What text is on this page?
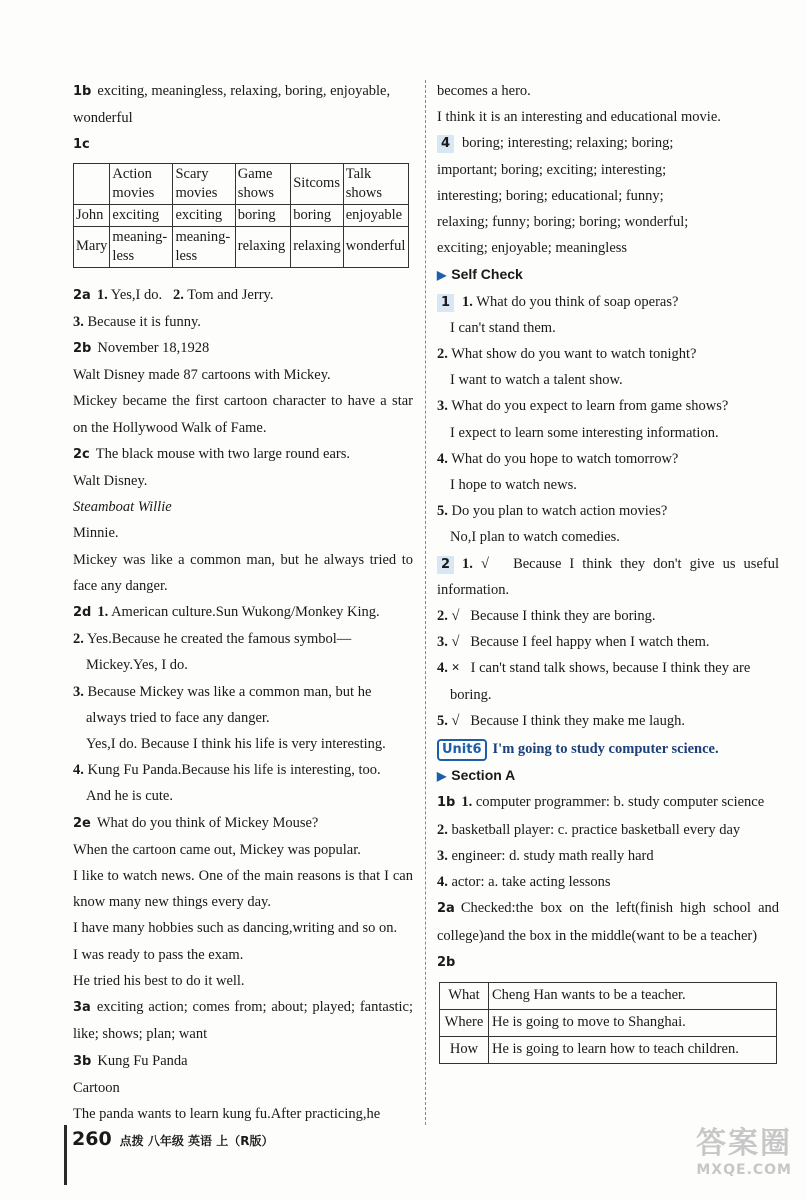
1b exciting, meaningless, relaxing, boring, enjoyable,
wonderful
1c
	Action movies	Scary movies	Game shows	Sitcoms	Talk shows
John	exciting	exciting	boring	boring	enjoyable
Mary	meaning-less	meaning-less	relaxing	relaxing	wonderful
2a 1. Yes,I do. 2. Tom and Jerry.
3. Because it is funny.
2b November 18,1928
Walt Disney made 87 cartoons with Mickey.
Mickey became the first cartoon character to have a star on the Hollywood Walk of Fame.
2c The black mouse with two large round ears.
Walt Disney.
Steamboat Willie
Minnie.
Mickey was like a common man, but he always tried to face any danger.
2d 1. American culture.Sun Wukong/Monkey King.
2. Yes.Because he created the famous symbol—
Mickey.Yes, I do.
3. Because Mickey was like a common man, but he
always tried to face any danger.
Yes,I do. Because I think his life is very interesting.
4. Kung Fu Panda.Because his life is interesting, too.
And he is cute.
2e What do you think of Mickey Mouse?
When the cartoon came out, Mickey was popular.
I like to watch news. One of the main reasons is that I can know many new things every day.
I have many hobbies such as dancing,writing and so on.
I was ready to pass the exam.
He tried his best to do it well.
3a exciting action; comes from; about; played; fantastic; like; shows; plan; want
3b Kung Fu Panda
Cartoon
The panda wants to learn kung fu.After practicing,he
becomes a hero.
I think it is an interesting and educational movie.
4 boring; interesting; relaxing; boring;
important; boring; exciting; interesting;
interesting; boring; educational; funny;
relaxing; funny; boring; boring; wonderful;
exciting; enjoyable; meaningless
▶ Self Check
1 1. What do you think of soap operas?
I can't stand them.
2. What show do you want to watch tonight?
I want to watch a talent show.
3. What do you expect to learn from game shows?
I expect to learn some interesting information.
4. What do you hope to watch tomorrow?
I hope to watch news.
5. Do you plan to watch action movies?
No,I plan to watch comedies.
2 1. √ Because I think they don't give us useful information.
2. √ Because I think they are boring.
3. √ Because I feel happy when I watch them.
4. × I can't stand talk shows, because I think they are
boring.
5. √ Because I think they make me laugh.
Unit6 I'm going to study computer science.
▶ Section A
1b 1. computer programmer: b. study computer science
2. basketball player: c. practice basketball every day
3. engineer: d. study math really hard
4. actor: a. take acting lessons
2a Checked:the box on the left(finish high school and college)and the box in the middle(want to be a teacher)
2b
What	Cheng Han wants to be a teacher.
Where	He is going to move to Shanghai.
How	He is going to learn how to teach children.
260 点拨 八年级 英语 上（R版）	答案圈
MXQE.COM
